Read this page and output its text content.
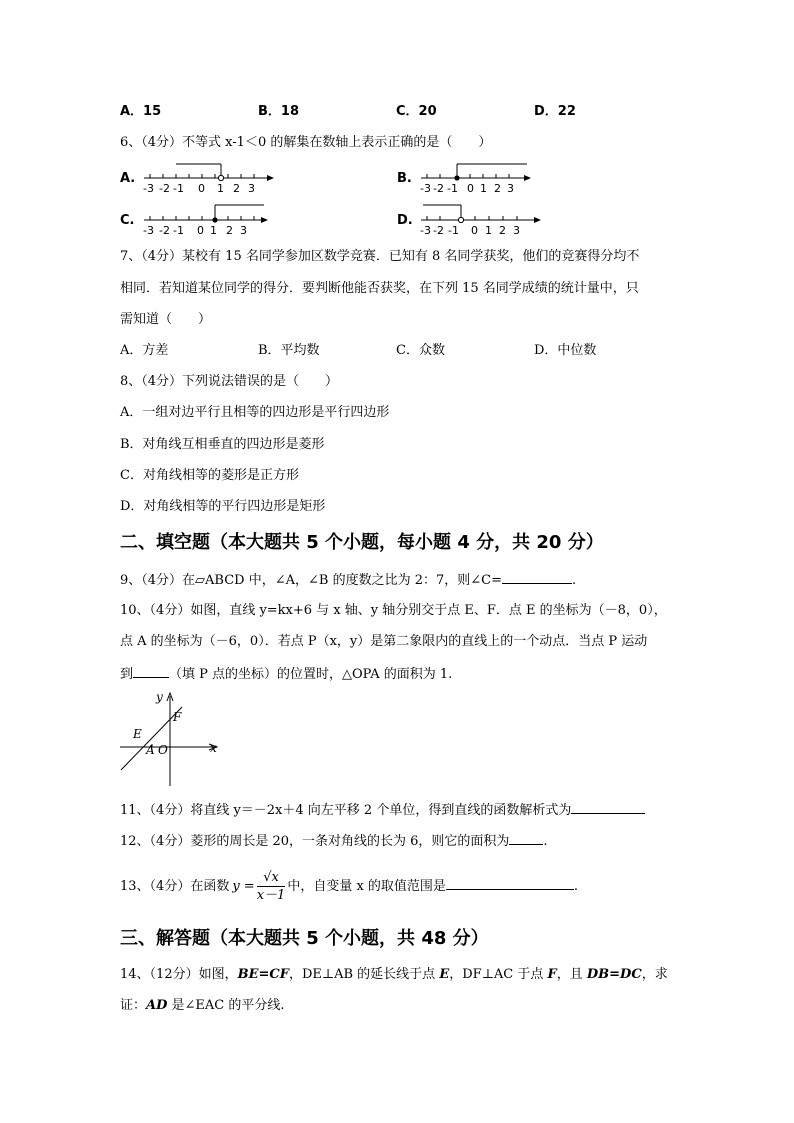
A．15	B．18	C．20	D．22
6、（4分）不等式 x-1＜0 的解集在数轴上表示正确的是（　　）
A.
-3 -2 -1 0 1 2 3
B.
-3 -2 -1 0 1 2 3
C.
-3 -2 -1 0 1 2 3
D.
-3 -2 -1 0 1 2 3
7、（4分）某校有 15 名同学参加区数学竞赛．已知有 8 名同学获奖，他们的竞赛得分均不
相同．若知道某位同学的得分．要判断他能否获奖，在下列 15 名同学成绩的统计量中，只
需知道（　　）
A．方差	B．平均数	C．众数	D．中位数
8、（4分）下列说法错误的是（　　）
A．一组对边平行且相等的四边形是平行四边形
B．对角线互相垂直的四边形是菱形
C．对角线相等的菱形是正方形
D．对角线相等的平行四边形是矩形
二、填空题（本大题共 5 个小题，每小题 4 分，共 20 分）
9、（4分）在▱ABCD 中，∠A，∠B 的度数之比为 2：7，则∠C=	.
10、（4分）如图，直线 y=kx+6 与 x 轴、y 轴分别交于点 E、F．点 E 的坐标为（－8，0），
点 A 的坐标为（－6，0）．若点 P（x，y）是第二象限内的直线上的一个动点．当点 P 运动
到	（填 P 点的坐标）的位置时，△OPA 的面积为 1.
y
x
F
E
A O
11、（4分）将直线 y＝－2x＋4 向左平移 2 个单位，得到直线的函数解析式为
12、（4分）菱形的周长是 20，一条对角线的长为 6，则它的面积为	.
13、（4分）在函数 $y = \frac{√x}{x-1}$ 中，自变量 x 的取值范围是	.
三、解答题（本大题共 5 个小题，共 48 分）
14、（12分）如图，BE=CF，DE⊥AB 的延长线于点 E，DF⊥AC 于点 F，且 DB=DC，求
证：AD 是∠EAC 的平分线.
